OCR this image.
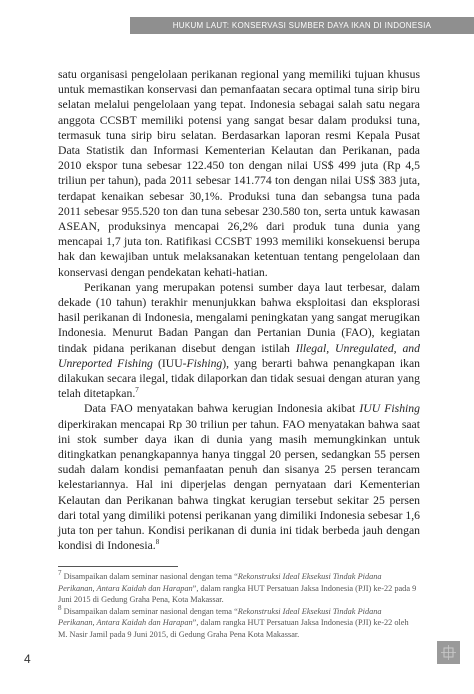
HUKUM LAUT: KONSERVASI SUMBER DAYA IKAN DI INDONESIA

satu organisasi pengelolaan perikanan regional yang memiliki tujuan khusus untuk memastikan konservasi dan pemanfaatan secara optimal tuna sirip biru selatan melalui pengelolaan yang tepat. Indonesia sebagai salah satu negara anggota CCSBT memiliki potensi yang sangat besar dalam produksi tuna, termasuk tuna sirip biru selatan. Berdasarkan laporan resmi Kepala Pusat Data Statistik dan Informasi Kementerian Kelautan dan Perikanan, pada 2010 ekspor tuna sebesar 122.450 ton dengan nilai US$ 499 juta (Rp 4,5 triliun per tahun), pada 2011 sebesar 141.774 ton dengan nilai US$ 383 juta, terdapat kenaikan sebesar 30,1%. Produksi tuna dan sebangsa tuna pada 2011 sebesar 955.520 ton dan tuna sebesar 230.580 ton, serta untuk kawasan ASEAN, produksinya mencapai 26,2% dari produk tuna dunia yang mencapai 1,7 juta ton. Ratifikasi CCSBT 1993 memiliki konsekuensi berupa hak dan kewajiban untuk melaksanakan ketentuan tentang pengelolaan dan konservasi dengan pendekatan kehati-hatian.

Perikanan yang merupakan potensi sumber daya laut terbesar, dalam dekade (10 tahun) terakhir menunjukkan bahwa eksploitasi dan eksplorasi hasil perikanan di Indonesia, mengalami peningkatan yang sangat merugikan Indonesia. Menurut Badan Pangan dan Pertanian Dunia (FAO), kegiatan tindak pidana perikanan disebut dengan istilah Illegal, Unregulated, and Unreported Fishing (IUU-Fishing), yang berarti bahwa penangkapan ikan dilakukan secara ilegal, tidak dilaporkan dan tidak sesuai dengan aturan yang telah ditetapkan.$^7$

Data FAO menyatakan bahwa kerugian Indonesia akibat IUU Fishing diperkirakan mencapai Rp 30 triliun per tahun. FAO menyatakan bahwa saat ini stok sumber daya ikan di dunia yang masih memungkinkan untuk ditingkatkan penangkapannya hanya tinggal 20 persen, sedangkan 55 persen sudah dalam kondisi pemanfaatan penuh dan sisanya 25 persen terancam kelestariannya. Hal ini diperjelas dengan pernyataan dari Kementerian Kelautan dan Perikanan bahwa tingkat kerugian tersebut sekitar 25 persen dari total yang dimiliki potensi perikanan yang dimiliki Indonesia sebesar 1,6 juta ton per tahun. Kondisi perikanan di dunia ini tidak berbeda jauh dengan kondisi di Indonesia.$^8$

$^7$ Disampaikan dalam seminar nasional dengan tema “Rekonstruksi Ideal Eksekusi Tindak Pidana Perikanan, Antara Kaidah dan Harapan”, dalam rangka HUT Persatuan Jaksa Indonesia (PJI) ke-22 pada 9 Juni 2015 di Gedung Graha Pena, Kota Makassar.

$^8$ Disampaikan dalam seminar nasional dengan tema “Rekonstruksi Ideal Eksekusi Tindak Pidana Perikanan, Antara Kaidah dan Harapan”, dalam rangka HUT Persatuan Jaksa Indonesia (PJI) ke-22 oleh M. Nasir Jamil pada 9 Juni 2015, di Gedung Graha Pena Kota Makassar.

4
